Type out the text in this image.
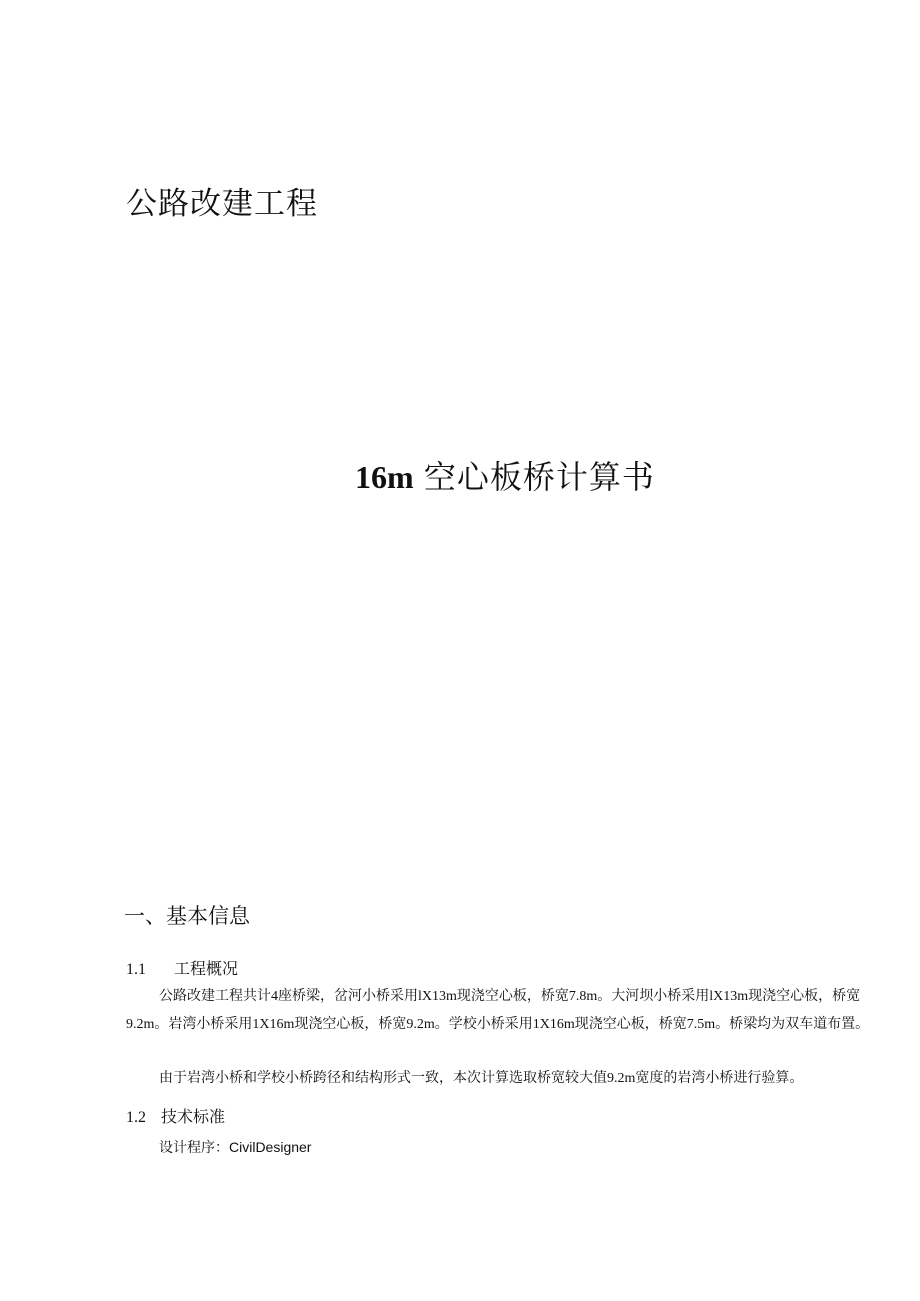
公路改建工程
16m 空心板桥计算书
一、基本信息
1.1 工程概况
公路改建工程共计4座桥梁，岔河小桥采用lX13m现浇空心板，桥宽7.8m。大河坝小桥采用lX13m现浇空心板，桥宽9.2m。岩湾小桥采用1X16m现浇空心板，桥宽9.2m。学校小桥采用1X16m现浇空心板，桥宽7.5m。桥梁均为双车道布置。
由于岩湾小桥和学校小桥跨径和结构形式一致，本次计算选取桥宽较大值9.2m宽度的岩湾小桥进行验算。
1.2 技术标准
设计程序：CivilDesigner
